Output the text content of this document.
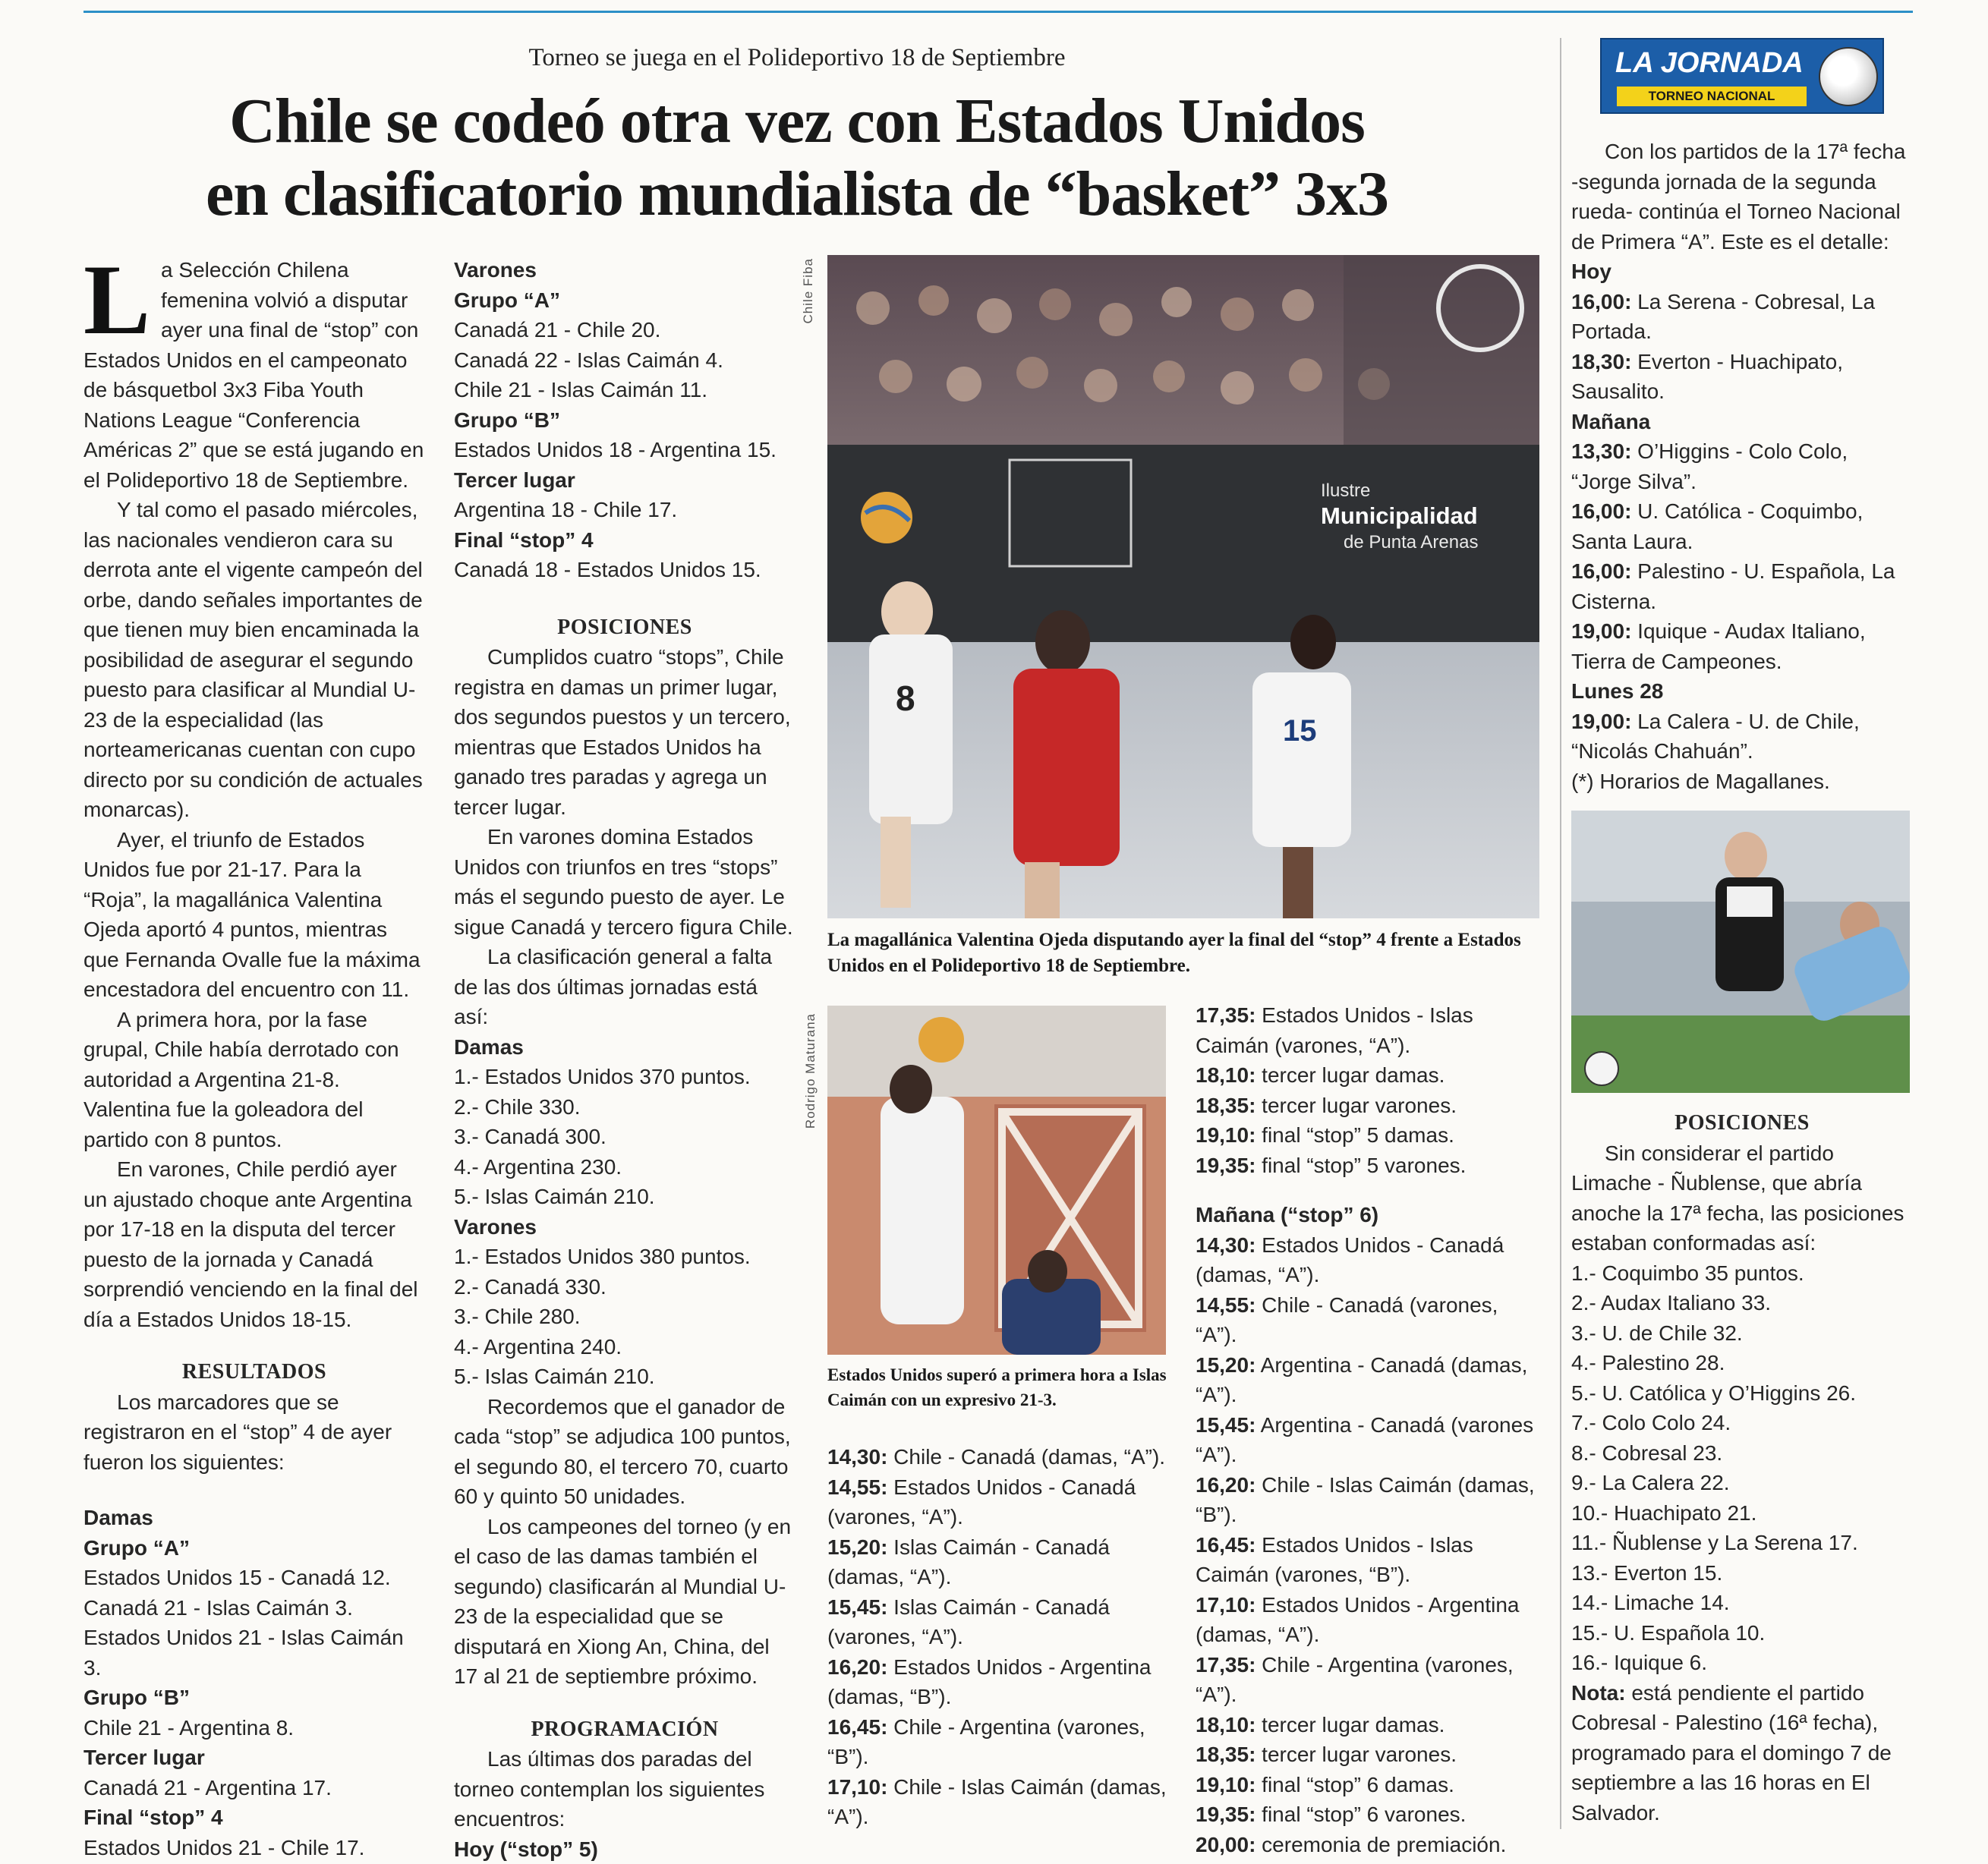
Torneo se juega en el Polideportivo 18 de Septiembre
Chile se codeó otra vez con Estados Unidos
en clasificatorio mundialista de “basket” 3x3

La Selección Chilena femenina volvió a disputar ayer una final de “stop” con Estados Unidos en el campeonato de básquetbol 3x3 Fiba Youth Nations League “Conferencia Américas 2” que se está jugando en el Polideportivo 18 de Septiembre.

Y tal como el pasado miércoles, las nacionales vendieron cara su derrota ante el vigente campeón del orbe, dando señales importantes de que tienen muy bien encaminada la posibilidad de asegurar el segundo puesto para clasificar al Mundial U-23 de la especialidad (las norteamericanas cuentan con cupo directo por su condición de actuales monarcas).

Ayer, el triunfo de Estados Unidos fue por 21-17. Para la “Roja”, la magallánica Valentina Ojeda aportó 4 puntos, mientras que Fernanda Ovalle fue la máxima encestadora del encuentro con 11.

A primera hora, por la fase grupal, Chile había derrotado con autoridad a Argentina 21-8. Valentina fue la goleadora del partido con 8 puntos.

En varones, Chile perdió ayer un ajustado choque ante Argentina por 17-18 en la disputa del tercer puesto de la jornada y Canadá sorprendió venciendo en la final del día a Estados Unidos 18-15.

RESULTADOS

Los marcadores que se registraron en el “stop” 4 de ayer fueron los siguientes:

Damas

Grupo “A”

Estados Unidos 15 - Canadá 12.

Canadá 21 - Islas Caimán 3.

Estados Unidos 21 - Islas Caimán 3.

Grupo “B”

Chile 21 - Argentina 8.

Tercer lugar

Canadá 21 - Argentina 17.

Final “stop” 4

Estados Unidos 21 - Chile 17.

Varones

Grupo “A”

Canadá 21 - Chile 20.

Canadá 22 - Islas Caimán 4.

Chile 21 - Islas Caimán 11.

Grupo “B”

Estados Unidos 18 - Argentina 15.

Tercer lugar

Argentina 18 - Chile 17.

Final “stop” 4

Canadá 18 - Estados Unidos 15.

POSICIONES

Cumplidos cuatro “stops”, Chile registra en damas un primer lugar, dos segundos puestos y un tercero, mientras que Estados Unidos ha ganado tres paradas y agrega un tercer lugar.

En varones domina Estados Unidos con triunfos en tres “stops” más el segundo puesto de ayer. Le sigue Canadá y tercero figura Chile.

La clasificación general a falta de las dos últimas jornadas está así:

Damas

1.- Estados Unidos 370 puntos.

2.- Chile 330.

3.- Canadá 300.

4.- Argentina 230.

5.- Islas Caimán 210.

Varones

1.- Estados Unidos 380 puntos.

2.- Canadá 330.

3.- Chile 280.

4.- Argentina 240.

5.- Islas Caimán 210.

Recordemos que el ganador de cada “stop” se adjudica 100 puntos, el segundo 80, el tercero 70, cuarto 60 y quinto 50 unidades.

Los campeones del torneo (y en el caso de las damas también el segundo) clasificarán al Mundial U-23 de la especialidad que se disputará en Xiong An, China, del 17 al 21 de septiembre próximo.

PROGRAMACIÓN

Las últimas dos paradas del torneo contemplan los siguientes encuentros:

Hoy (“stop” 5)

Chile Fiba
Ilustre
Municipalidad
de Punta Arenas
8
15
La magallánica Valentina Ojeda disputando ayer la final del “stop” 4 frente a Estados Unidos en el Polideportivo 18 de Septiembre.
Rodrigo Maturana
Estados Unidos superó a primera hora a Islas Caimán con un expresivo 21-3.

14,30: Chile - Canadá (damas, “A”).

14,55: Estados Unidos - Canadá (varones, “A”).

15,20: Islas Caimán - Canadá (damas, “A”).

15,45: Islas Caimán - Canadá (varones, “A”).

16,20: Estados Unidos - Argentina (damas, “B”).

16,45: Chile - Argentina (varones, “B”).

17,10: Chile - Islas Caimán (damas, “A”).

17,35: Estados Unidos - Islas Caimán (varones, “A”).

18,10: tercer lugar damas.

18,35: tercer lugar varones.

19,10: final “stop” 5 damas.

19,35: final “stop” 5 varones.

Mañana (“stop” 6)

14,30: Estados Unidos - Canadá (damas, “A”).

14,55: Chile - Canadá (varones, “A”).

15,20: Argentina - Canadá (damas, “A”).

15,45: Argentina - Canadá (varones “A”).

16,20: Chile - Islas Caimán (damas, “B”).

16,45: Estados Unidos - Islas Caimán (varones, “B”).

17,10: Estados Unidos - Argentina (damas, “A”).

17,35: Chile - Argentina (varones, “A”).

18,10: tercer lugar damas.

18,35: tercer lugar varones.

19,10: final “stop” 6 damas.

19,35: final “stop” 6 varones.

20,00: ceremonia de premiación.

LA JORNADA
TORNEO NACIONAL

Con los partidos de la 17ª fecha -segunda jornada de la segunda rueda- continúa el Torneo Nacional de Primera “A”. Este es el detalle:

Hoy

16,00: La Serena - Cobresal, La Portada.

18,30: Everton - Huachipato, Sausalito.

Mañana

13,30: O’Higgins - Colo Colo, “Jorge Silva”.

16,00: U. Católica - Coquimbo, Santa Laura.

16,00: Palestino - U. Española, La Cisterna.

19,00: Iquique - Audax Italiano, Tierra de Campeones.

Lunes 28

19,00: La Calera - U. de Chile, “Nicolás Chahuán”.

(*) Horarios de Magallanes.

POSICIONES

Sin considerar el partido Limache - Ñublense, que abría anoche la 17ª fecha, las posiciones estaban conformadas así:

1.- Coquimbo 35 puntos.

2.- Audax Italiano 33.

3.- U. de Chile 32.

4.- Palestino 28.

5.- U. Católica y O’Higgins 26.

7.- Colo Colo 24.

8.- Cobresal 23.

9.- La Calera 22.

10.- Huachipato 21.

11.- Ñublense y La Serena 17.

13.- Everton 15.

14.- Limache 14.

15.- U. Española 10.

16.- Iquique 6.

Nota: está pendiente el partido Cobresal - Palestino (16ª fecha), programado para el domingo 7 de septiembre a las 16 horas en El Salvador.
